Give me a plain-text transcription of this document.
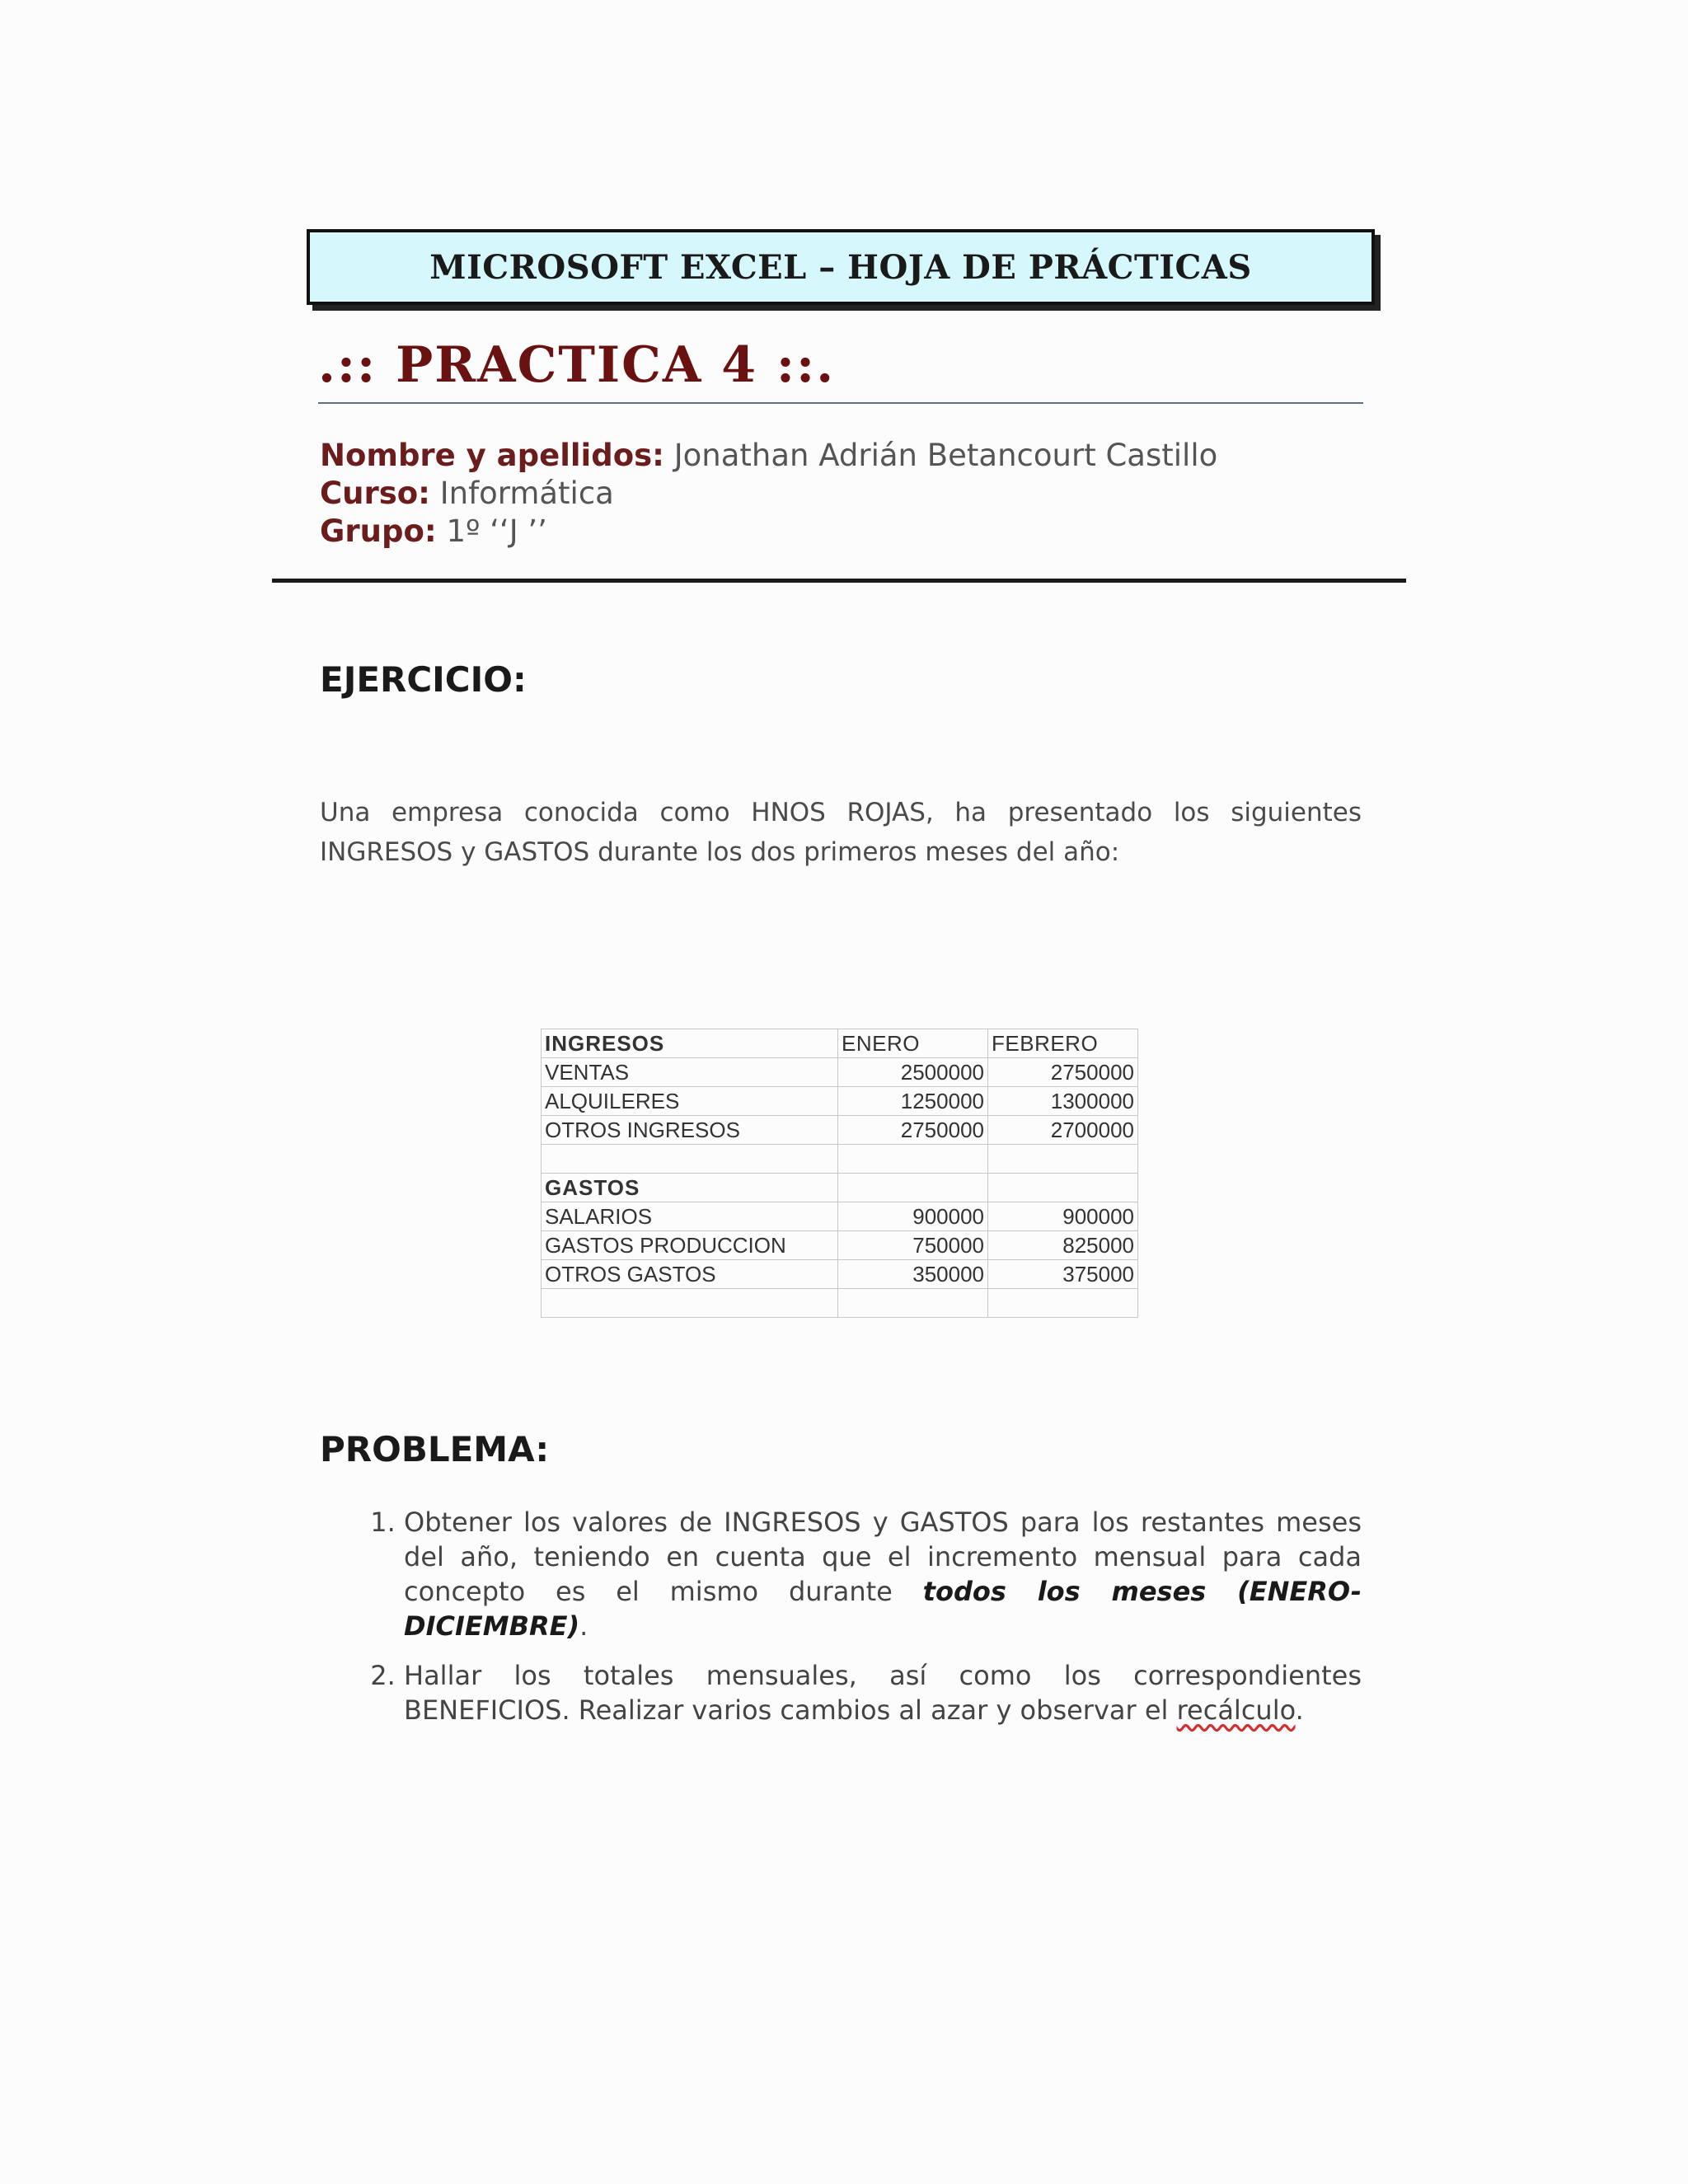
MICROSOFT EXCEL – HOJA DE PRÁCTICAS
.:: PRACTICA 4 ::.
Nombre y apellidos: Jonathan Adrián Betancourt Castillo
Curso: Informática
Grupo: 1º ‘‘J ’’
EJERCICIO:

Una empresa conocida como HNOS ROJAS, ha presentado los siguientes INGRESOS y GASTOS durante los dos primeros meses del año:

INGRESOS	ENERO	FEBRERO
VENTAS	2500000	2750000
ALQUILERES	1250000	1300000
OTROS INGRESOS	2750000	2700000

GASTOS		
SALARIOS	900000	900000
GASTOS PRODUCCION	750000	825000
OTROS GASTOS	350000	375000

PROBLEMA:
1. Obtener los valores de INGRESOS y GASTOS para los restantes meses del año, teniendo en cuenta que el incremento mensual para cada concepto es el mismo durante todos los meses (ENERO-DICIEMBRE).
2. Hallar los totales mensuales, así como los correspondientes BENEFICIOS. Realizar varios cambios al azar y observar el recálculo.
